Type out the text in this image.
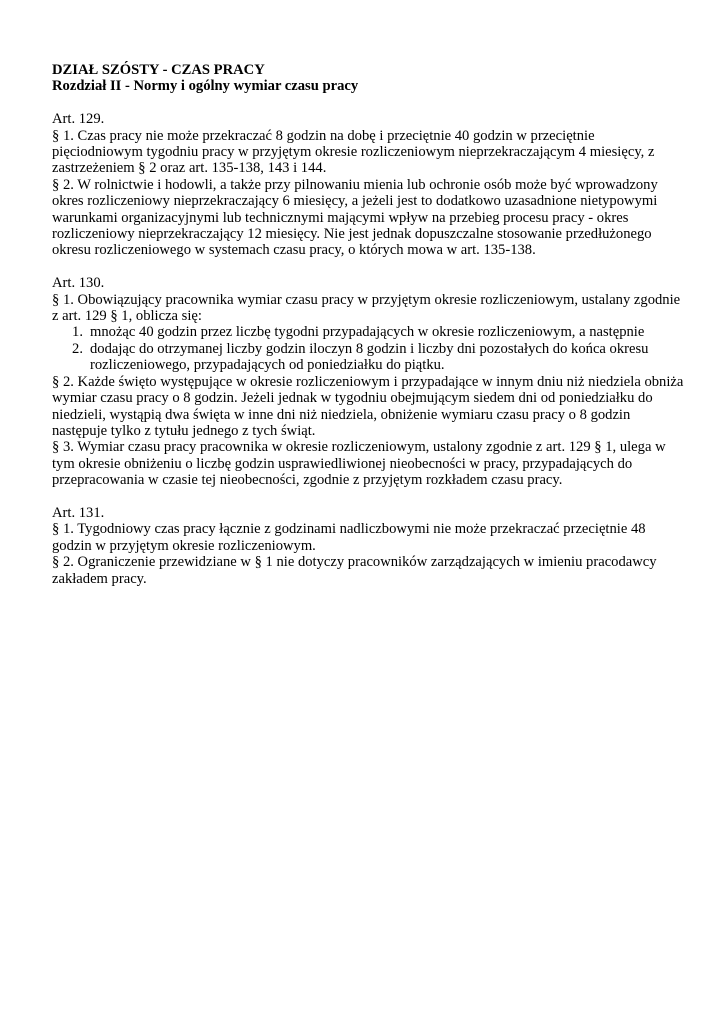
DZIAŁ SZÓSTY - CZAS PRACY

Rozdział II - Normy i ogólny wymiar czasu pracy

Art. 129.

§ 1. Czas pracy nie może przekraczać 8 godzin na dobę i przeciętnie 40 godzin w przeciętnie pięciodniowym tygodniu pracy w przyjętym okresie rozliczeniowym nieprzekraczającym 4 miesięcy, z zastrzeżeniem § 2 oraz art. 135-138, 143 i 144.

§ 2. W rolnictwie i hodowli, a także przy pilnowaniu mienia lub ochronie osób może być wprowadzony okres rozliczeniowy nieprzekraczający 6 miesięcy, a jeżeli jest to dodatkowo uzasadnione nietypowymi warunkami organizacyjnymi lub technicznymi mającymi wpływ na przebieg procesu pracy - okres rozliczeniowy nieprzekraczający 12 miesięcy. Nie jest jednak dopuszczalne stosowanie przedłużonego okresu rozliczeniowego w systemach czasu pracy, o których mowa w art. 135-138.

Art. 130.

§ 1. Obowiązujący pracownika wymiar czasu pracy w przyjętym okresie rozliczeniowym, ustalany zgodnie z art. 129 § 1, oblicza się:

1. mnożąc 40 godzin przez liczbę tygodni przypadających w okresie rozliczeniowym, a następnie
2. dodając do otrzymanej liczby godzin iloczyn 8 godzin i liczby dni pozostałych do końca okresu rozliczeniowego, przypadających od poniedziałku do piątku.

§ 2. Każde święto występujące w okresie rozliczeniowym i przypadające w innym dniu niż niedziela obniża wymiar czasu pracy o 8 godzin. Jeżeli jednak w tygodniu obejmującym siedem dni od poniedziałku do niedzieli, wystąpią dwa święta w inne dni niż niedziela, obniżenie wymiaru czasu pracy o 8 godzin następuje tylko z tytułu jednego z tych świąt.

§ 3. Wymiar czasu pracy pracownika w okresie rozliczeniowym, ustalony zgodnie z art. 129 § 1, ulega w tym okresie obniżeniu o liczbę godzin usprawiedliwionej nieobecności w pracy, przypadających do przepracowania w czasie tej nieobecności, zgodnie z przyjętym rozkładem czasu pracy.

Art. 131.

§ 1. Tygodniowy czas pracy łącznie z godzinami nadliczbowymi nie może przekraczać przeciętnie 48 godzin w przyjętym okresie rozliczeniowym.

§ 2. Ograniczenie przewidziane w § 1 nie dotyczy pracowników zarządzających w imieniu pracodawcy zakładem pracy.
